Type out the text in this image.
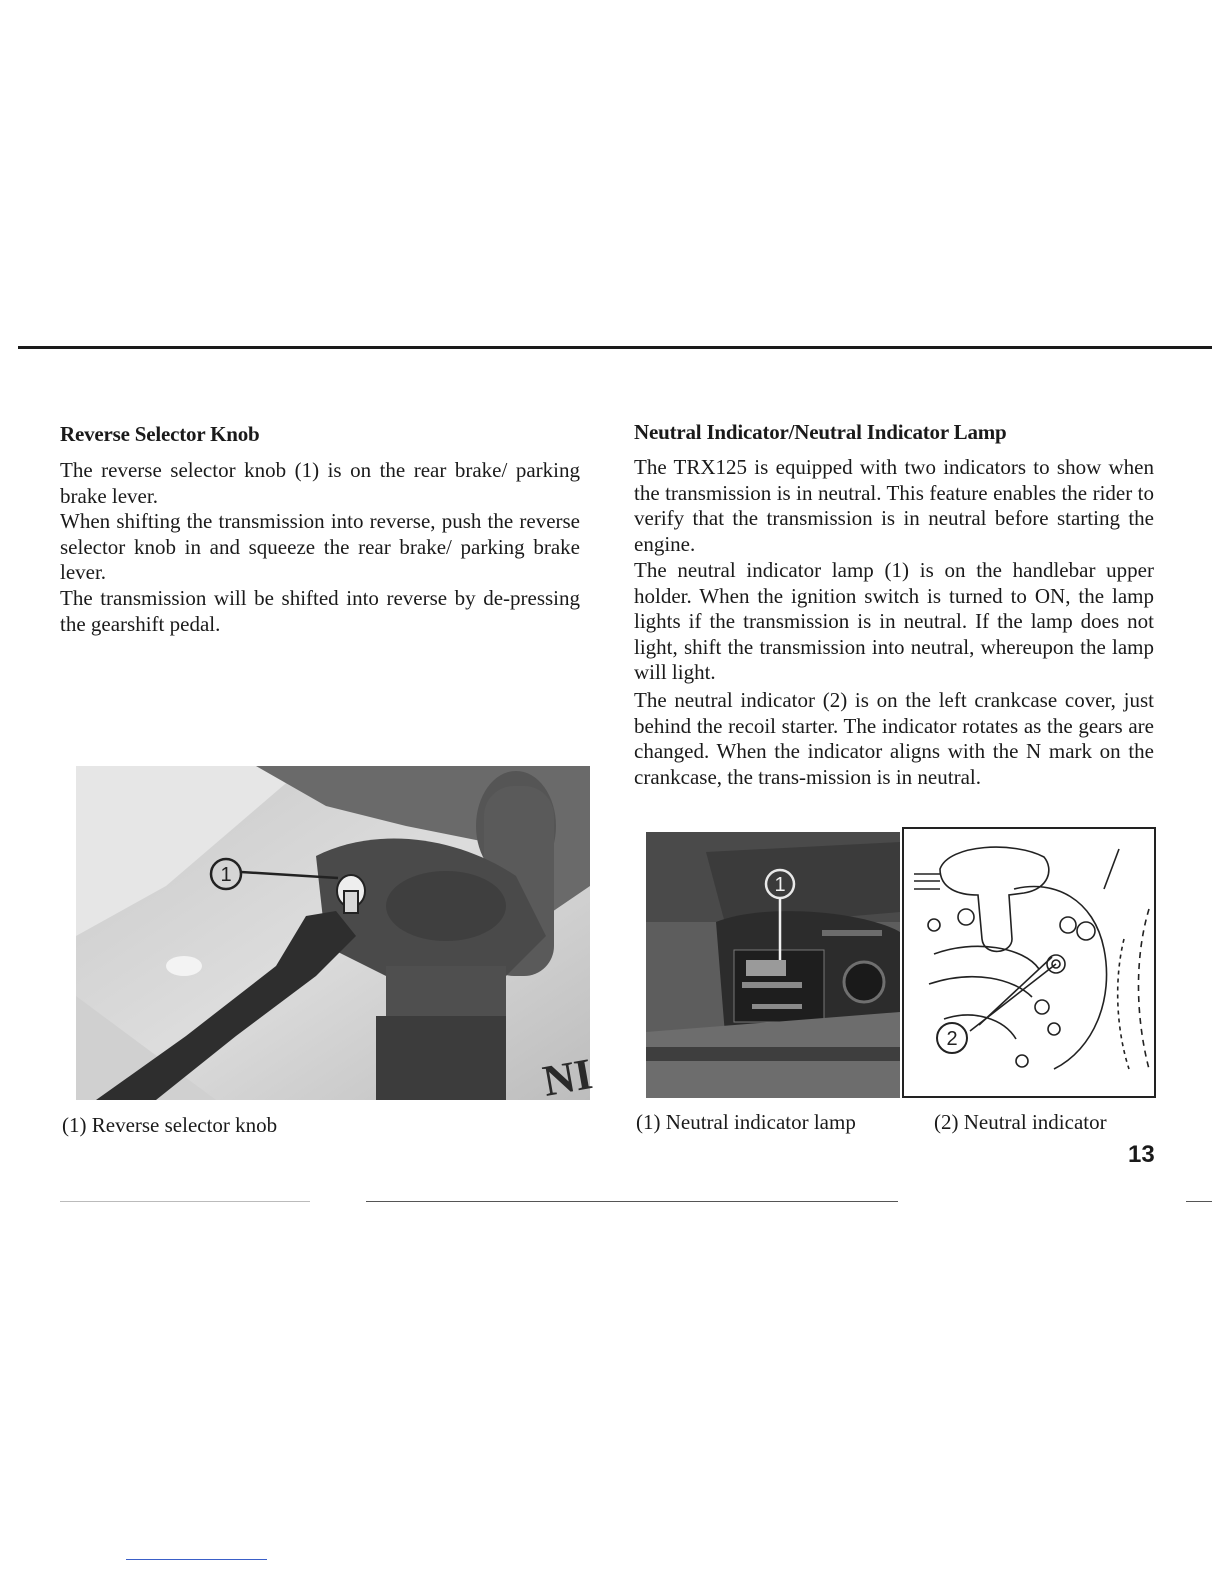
Reverse Selector Knob

The reverse selector knob (1) is on the rear brake/ parking brake lever.

When shifting the transmission into reverse, push the reverse selector knob in and squeeze the rear brake/ parking brake lever.

The transmission will be shifted into reverse by de-pressing the gearshift pedal.

1
NI

(1) Reverse selector knob

Neutral Indicator/Neutral Indicator Lamp

The TRX125 is equipped with two indicators to show when the transmission is in neutral. This feature enables the rider to verify that the transmission is in neutral before starting the engine.

The neutral indicator lamp (1) is on the handlebar upper holder. When the ignition switch is turned to ON, the lamp lights if the transmission is in neutral. If the lamp does not light, shift the transmission into neutral, whereupon the lamp will light.

The neutral indicator (2) is on the left crankcase cover, just behind the recoil starter. The indicator rotates as the gears are changed. When the indicator aligns with the N mark on the crankcase, the trans-mission is in neutral.

1
2

(1) Neutral indicator lamp	(2) Neutral indicator

13
